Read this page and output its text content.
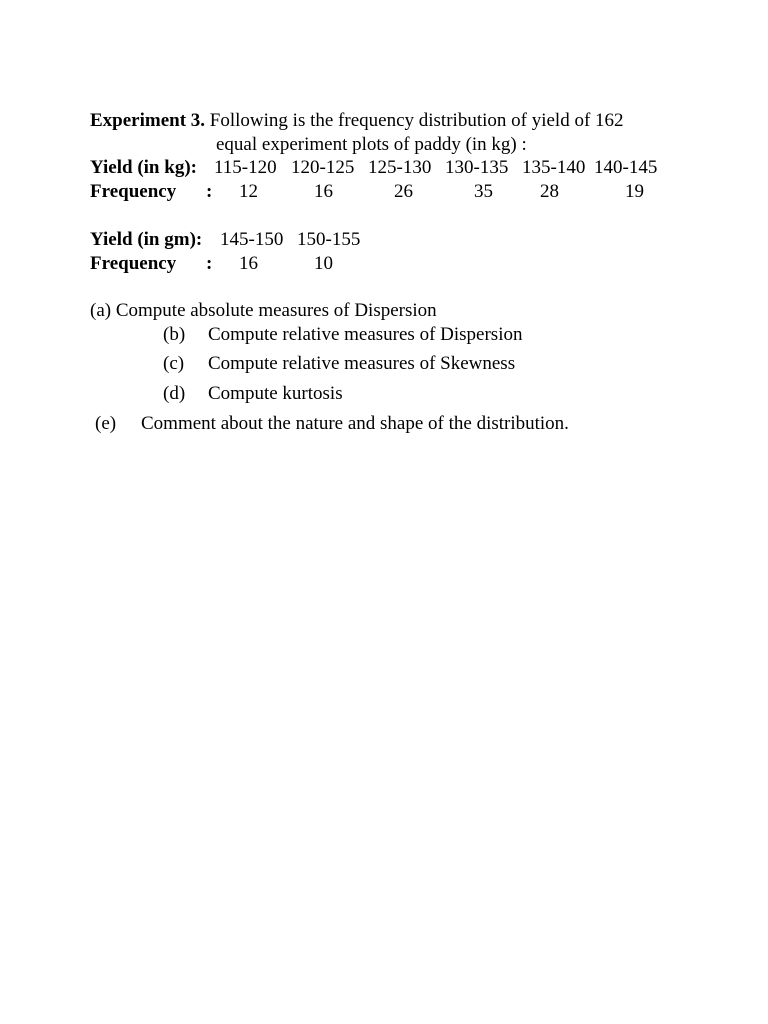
Experiment 3. Following is the frequency distribution of yield of 162
equal experiment plots of paddy (in kg) :
Yield (in kg): 115-120 120-125 125-130 130-135 135-140 140-145
Frequency : 12	16	26	35 28	19
Yield (in gm): 145-150 150-155
Frequency : 16	10
(a) Compute absolute measures of Dispersion
(b) Compute relative measures of Dispersion
(c) Compute relative measures of Skewness
(d) Compute kurtosis
(e) Comment about the nature and shape of the distribution.
